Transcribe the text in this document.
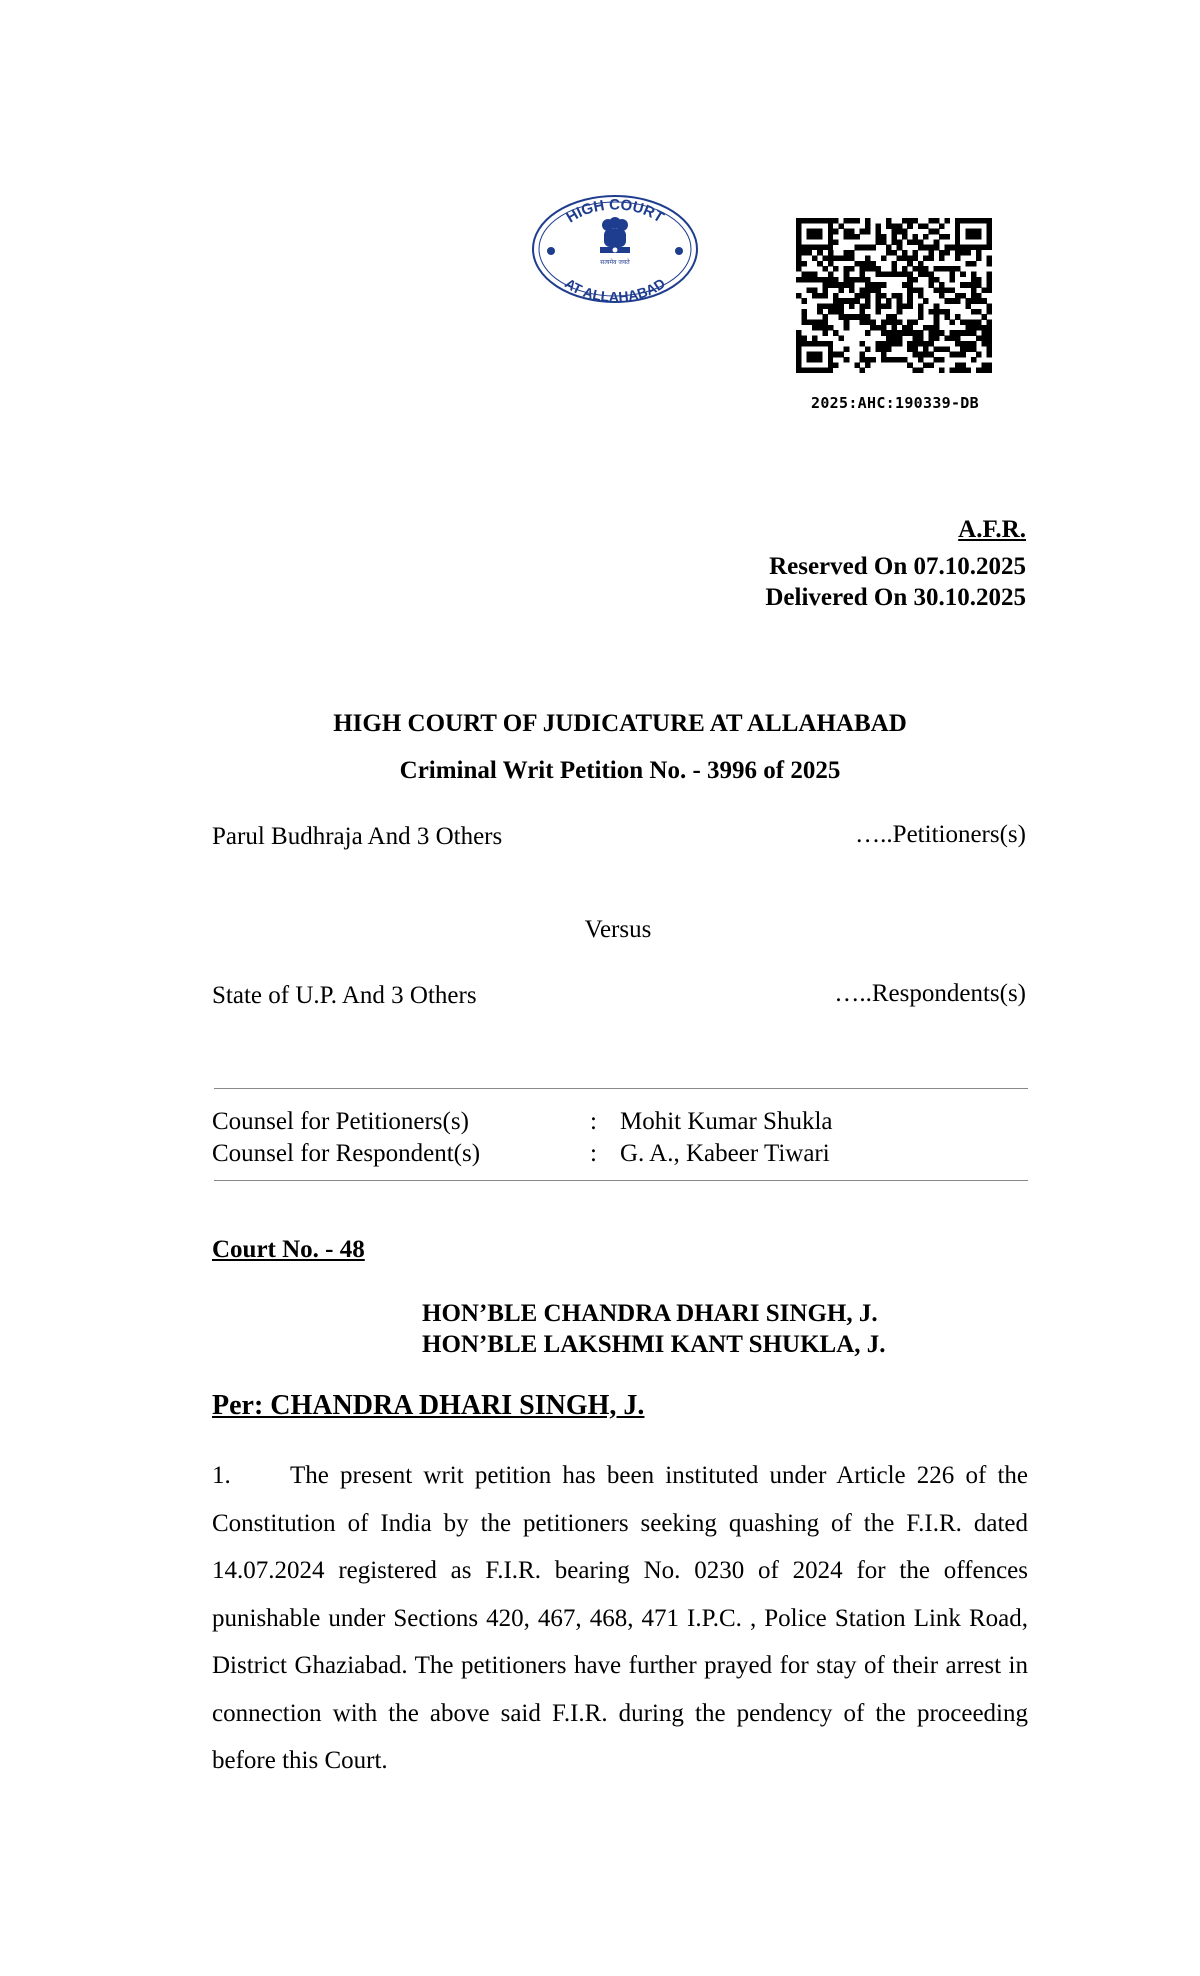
HIGH COURT
AT ALLAHABAD
सत्यमेव जयते
2025:AHC:190339-DB
A.F.R.
Reserved On 07.10.2025
Delivered On 30.10.2025
HIGH COURT OF JUDICATURE AT ALLAHABAD
Criminal Writ Petition No. - 3996 of 2025
Parul Budhraja And 3 Others	…..Petitioners(s)
Versus
State of U.P. And 3 Others	…..Respondents(s)
Counsel for Petitioners(s)	: Mohit Kumar Shukla
Counsel for Respondent(s)	: G. A., Kabeer Tiwari
Court No. - 48
HON’BLE CHANDRA DHARI SINGH, J.
HON’BLE LAKSHMI KANT SHUKLA, J.
Per: CHANDRA DHARI SINGH, J.
1. The present writ petition has been instituted under Article 226 of the Constitution of India by the petitioners seeking quashing of the F.I.R. dated 14.07.2024 registered as F.I.R. bearing No. 0230 of 2024 for the offences punishable under Sections 420, 467, 468, 471 I.P.C. , Police Station Link Road, District Ghaziabad. The petitioners have further prayed for stay of their arrest in connection with the above said F.I.R. during the pendency of the proceeding before this Court.
